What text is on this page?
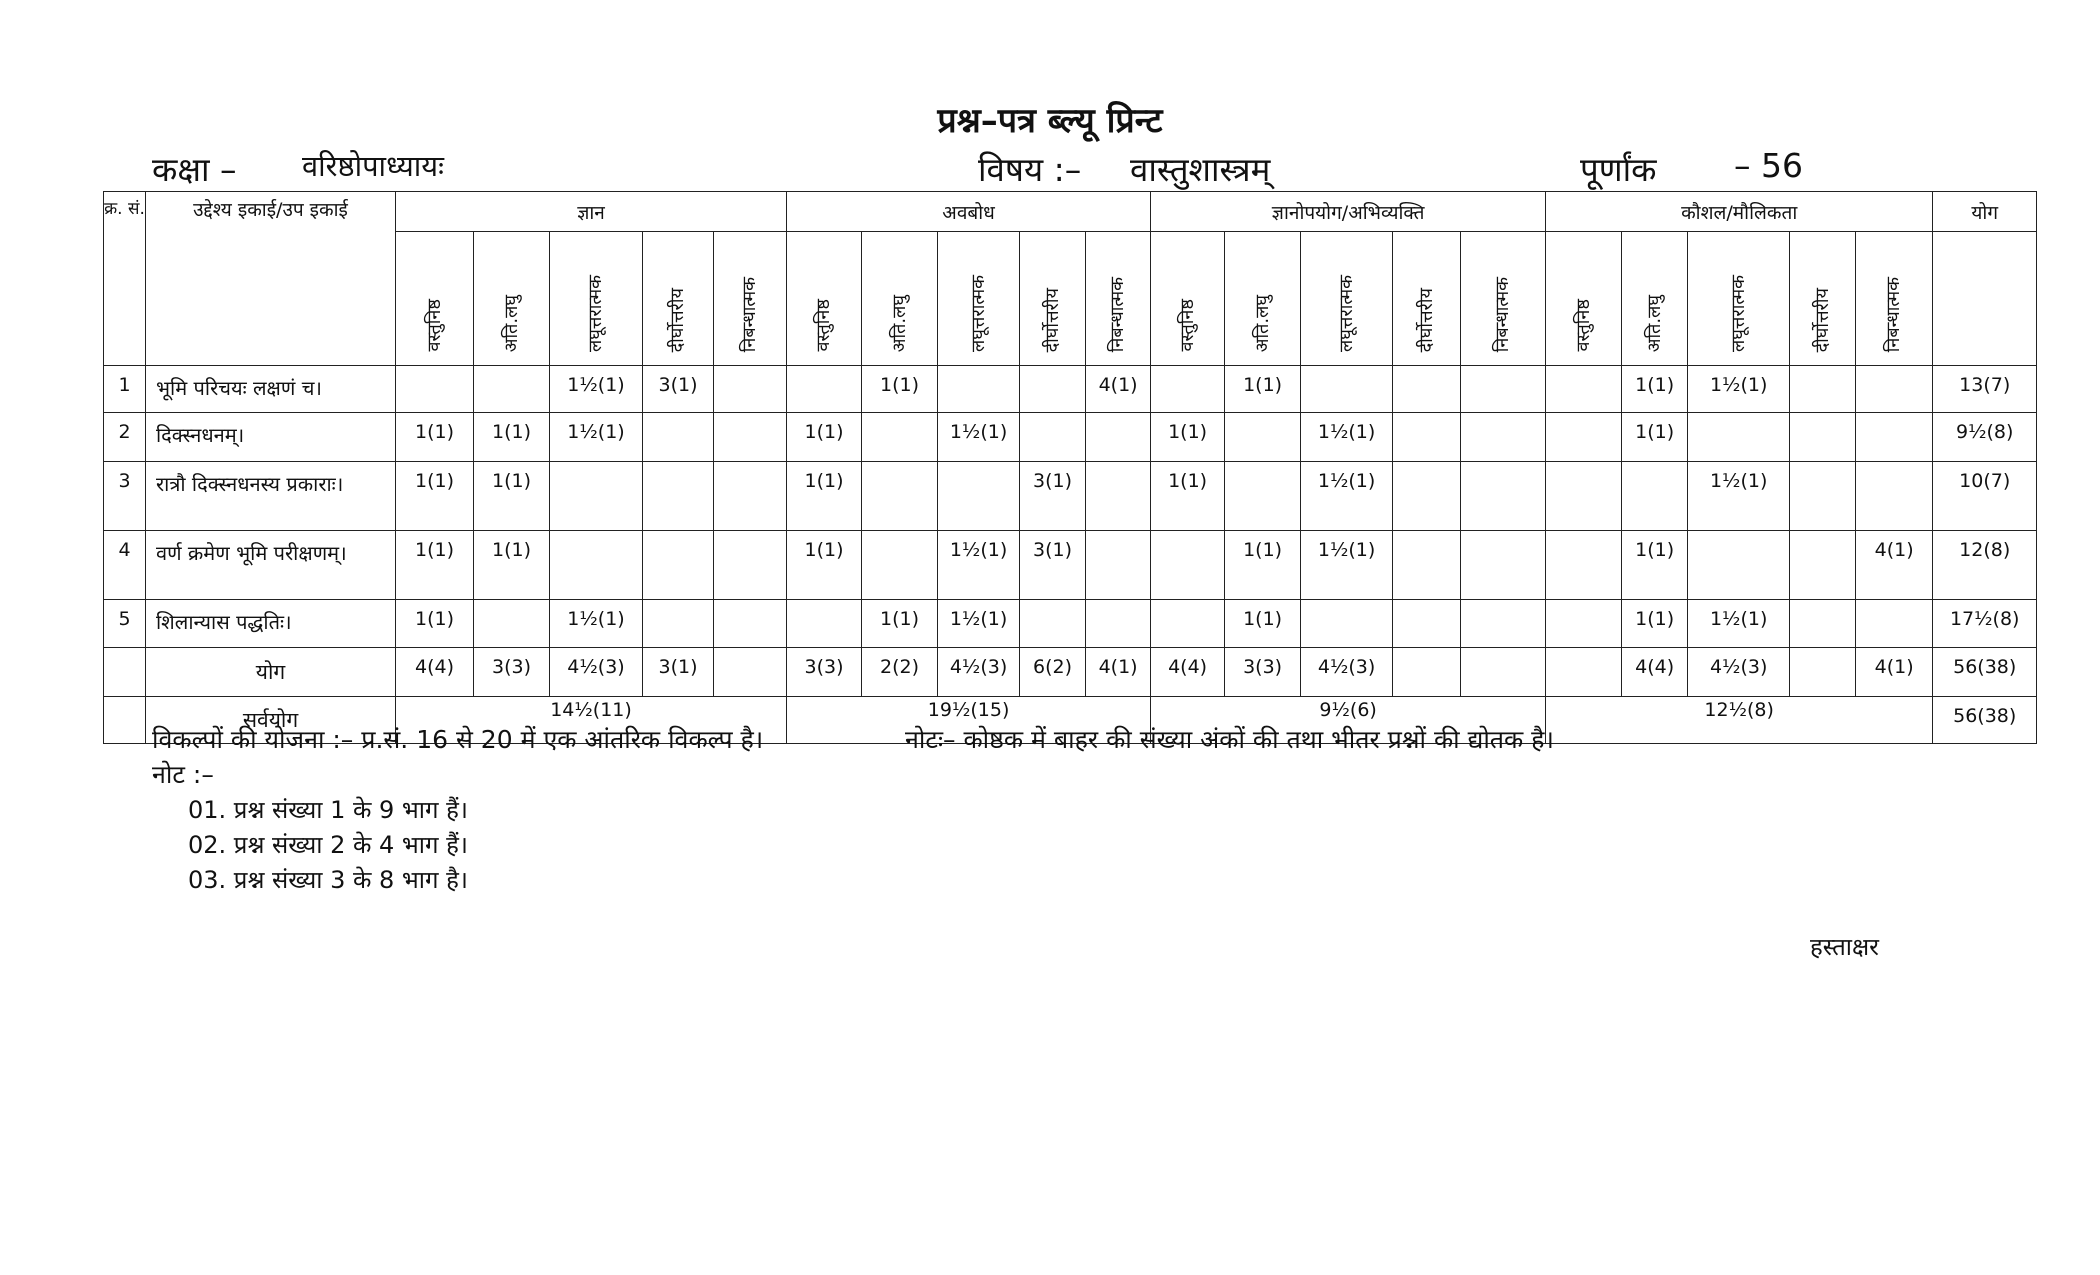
प्रश्न–पत्र ब्ल्यू प्रिन्ट
कक्षा – वरिष्ठोपाध्यायः	विषय :– वास्तुशास्त्रम्	पूर्णांक – 56
क्र. सं.	उद्देश्य इकाई/उप इकाई	ज्ञान					अवबोध					ज्ञानोपयोग/अभिव्यक्ति					कौशल/मौलिकता					योग
		वस्तुनिष्ठ	अति.लघु	लघूत्तरात्मक	दीर्घोत्तरीय	निबन्धात्मक	वस्तुनिष्ठ	अति.लघु	लघूत्तरात्मक	दीर्घोत्तरीय	निबन्धात्मक	वस्तुनिष्ठ	अति.लघु	लघूत्तरात्मक	दीर्घोत्तरीय	निबन्धात्मक	वस्तुनिष्ठ	अति.लघु	लघूत्तरात्मक	दीर्घोत्तरीय	निबन्धात्मक	
1	भूमि परिचयः लक्षणं च।			1½(1)	3(1)			1(1)			4(1)		1(1)					1(1)	1½(1)			13(7)
2	दिक्स्नधनम्।	1(1)	1(1)	1½(1)			1(1)		1½(1)			1(1)		1½(1)				1(1)				9½(8)
3	रात्रौ दिक्स्नधनस्य प्रकाराः।	1(1)	1(1)				1(1)			3(1)		1(1)		1½(1)					1½(1)			10(7)
4	वर्ण क्रमेण भूमि परीक्षणम्।	1(1)	1(1)				1(1)		1½(1)	3(1)			1(1)	1½(1)				1(1)			4(1)	12(8)
5	शिलान्यास पद्धतिः।	1(1)		1½(1)				1(1)	1½(1)				1(1)					1(1)	1½(1)			17½(8)
	योग	4(4)	3(3)	4½(3)	3(1)		3(3)	2(2)	4½(3)	6(2)	4(1)	4(4)	3(3)	4½(3)				4(4)	4½(3)		4(1)	56(38)
	सर्वयोग	14½(11)					19½(15)					9½(6)					12½(8)					56(38)
विकल्पों की योजना :– प्र.सं. 16 से 20 में एक आंतरिक विकल्प है।	नोटः– कोष्ठक में बाहर की संख्या अंकों की तथा भीतर प्रश्नों की द्योतक है।
नोट :–
01. प्रश्न संख्या 1 के 9 भाग हैं।
02. प्रश्न संख्या 2 के 4 भाग हैं।
03. प्रश्न संख्या 3 के 8 भाग है।
हस्ताक्षर
